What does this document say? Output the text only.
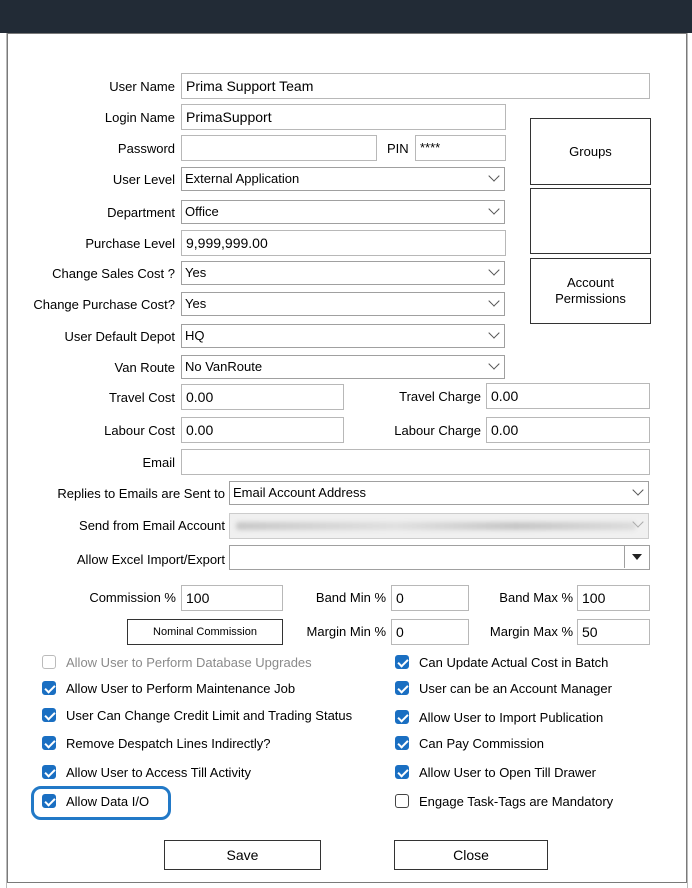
User Name Prima Support Team
Login Name PrimaSupport
Password	PIN ****	Groups
Account Permissions
User Level External Application
Department Office
Purchase Level 9,999,999.00
Change Sales Cost ? Yes
Change Purchase Cost? Yes
User Default Depot HQ
Van Route No VanRoute
Travel Cost 0.00	Travel Charge 0.00
Labour Cost 0.00	Labour Charge 0.00
Email
Replies to Emails are Sent to Email Account Address
Send from Email Account
Allow Excel Import/Export
Commission % 100	Band Min % 0	Band Max % 100
Nominal Commission	Margin Min % 0	Margin Max % 50
Allow User to Perform Database Upgrades
Allow User to Perform Maintenance Job
User Can Change Credit Limit and Trading Status
Remove Despatch Lines Indirectly?
Allow User to Access Till Activity
Allow Data I/O
Can Update Actual Cost in Batch
User can be an Account Manager
Allow User to Import Publication
Can Pay Commission
Allow User to Open Till Drawer
Engage Task-Tags are Mandatory
Save	Close
